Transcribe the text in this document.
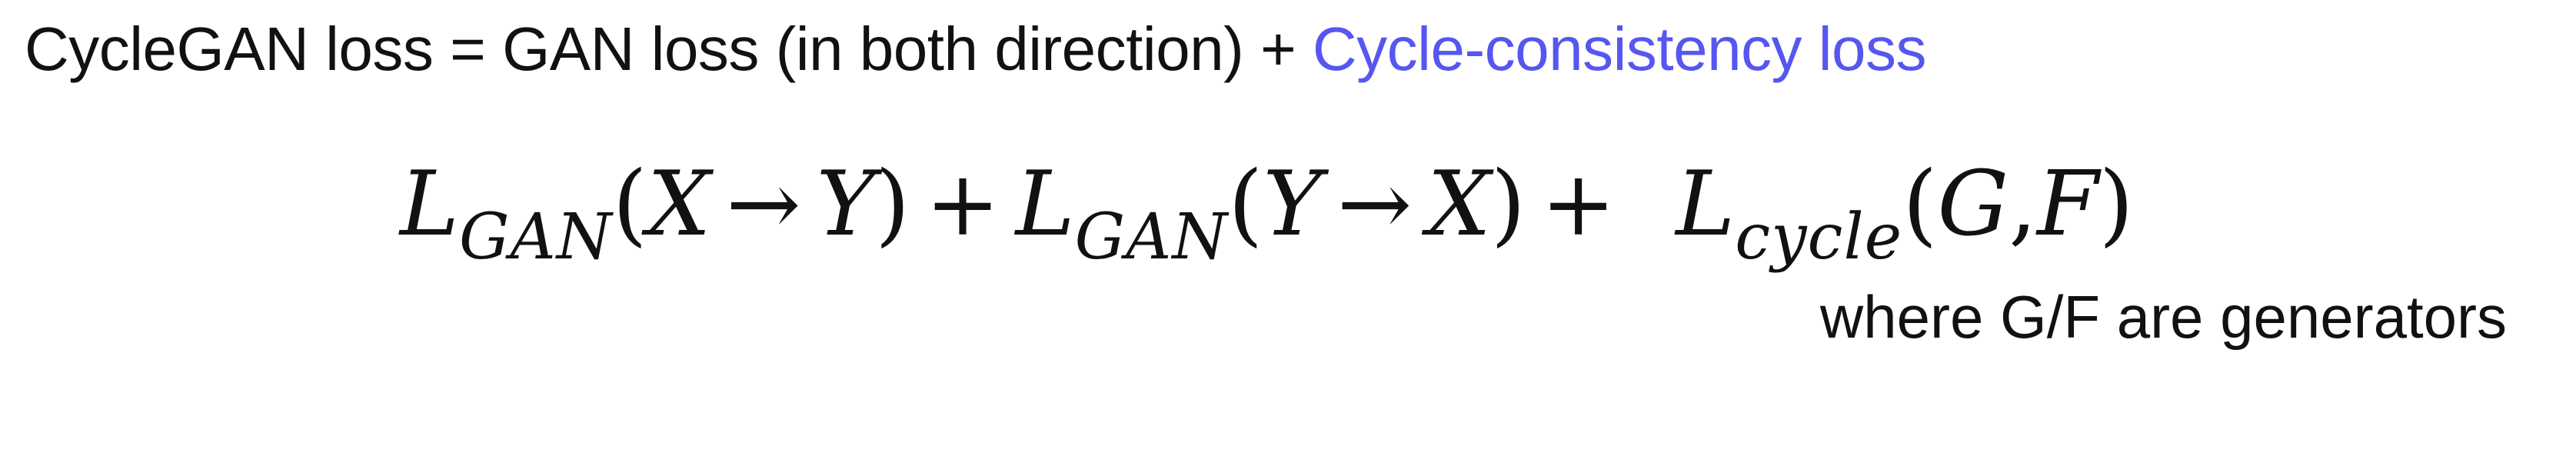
CycleGAN loss = GAN loss (in both direction) + Cycle-consistency loss
$L_{GAN}(X \to Y) + L_{GAN}(Y \to X) + L_{cycle}(G,F)$
where G/F are generators
